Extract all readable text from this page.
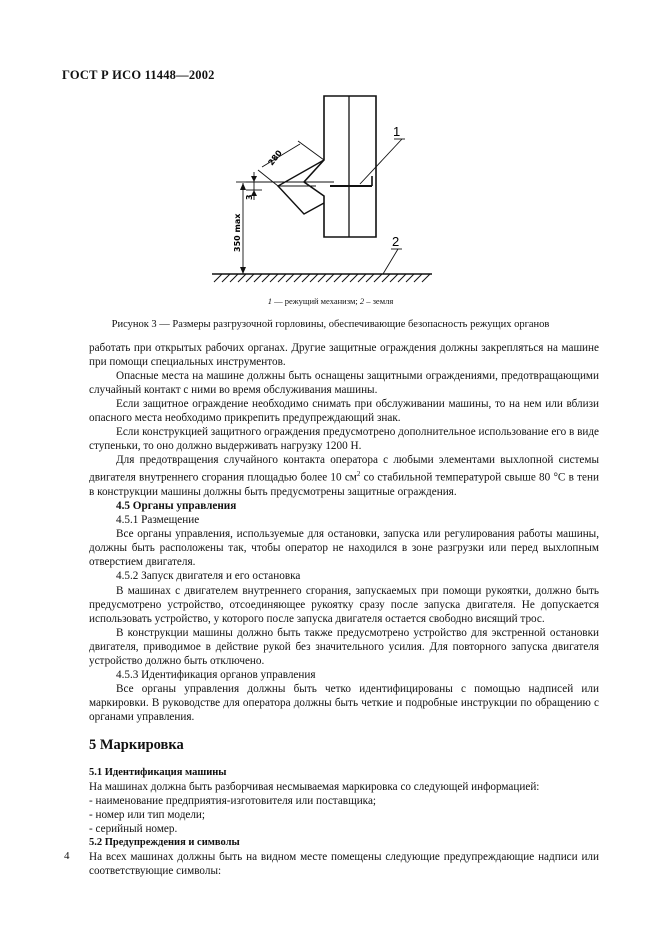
ГОСТ Р ИСО 11448—2002
280
3
350 max
1
2
1 — режущий механизм; 2 – земля
Рисунок 3 — Размеры разгрузочной горловины, обеспечивающие безопасность режущих органов

работать при открытых рабочих органах. Другие защитные ограждения должны закрепляться на машине при помощи специальных инструментов.

Опасные места на машине должны быть оснащены защитными ограждениями, предотвращающими случайный контакт с ними во время обслуживания машины.

Если защитное ограждение необходимо снимать при обслуживании машины, то на нем или вблизи опасного места необходимо прикрепить предупреждающий знак.

Если конструкцией защитного ограждения предусмотрено дополнительное использование его в виде ступеньки, то оно должно выдерживать нагрузку 1200 Н.

Для предотвращения случайного контакта оператора с любыми элементами выхлопной системы двигателя внутреннего сгорания площадью более 10 $см^2$ со стабильной температурой свыше 80 °С в тени в конструкции машины должны быть предусмотрены защитные ограждения.

4.5 Органы управления

4.5.1 Размещение

Все органы управления, используемые для остановки, запуска или регулирования работы машины, должны быть расположены так, чтобы оператор не находился в зоне разгрузки или перед выхлопным отверстием двигателя.

4.5.2 Запуск двигателя и его остановка

В машинах с двигателем внутреннего сгорания, запускаемых при помощи рукоятки, должно быть предусмотрено устройство, отсоединяющее рукоятку сразу после запуска двигателя. Не допускается использовать устройство, у которого после запуска двигателя остается свободно висящий трос.

В конструкции машины должно быть также предусмотрено устройство для экстренной остановки двигателя, приводимое в действие рукой без значительного усилия. Для повторного запуска двигателя устройство должно быть отключено.

4.5.3 Идентификация органов управления

Все органы управления должны быть четко идентифицированы с помощью надписей или маркировки. В руководстве для оператора должны быть четкие и подробные инструкции по обращению с органами управления.

5 Маркировка

5.1 Идентификация машины

На машинах должна быть разборчивая несмываемая маркировка со следующей информацией:

- наименование предприятия-изготовителя или поставщика;

- номер или тип модели;

- серийный номер.

5.2 Предупреждения и символы

На всех машинах должны быть на видном месте помещены следующие предупреждающие надписи или соответствующие символы:

4
